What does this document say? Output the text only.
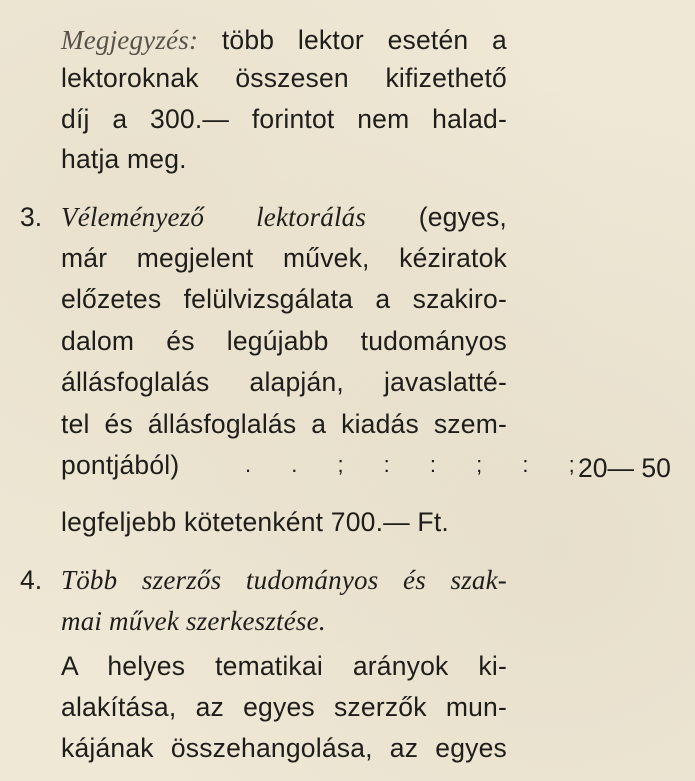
Megjegyzés: több lektor esetén a
lektoroknak összesen kifizethető
díj a 300.— forintot nem halad-
hatja meg.
3. Véleményező lektorálás (egyes,
már megjelent művek, kéziratok
előzetes felülvizsgálata a szakiro-
dalom és legújabb tudományos
állásfoglalás alapján, javaslatté-
tel és állásfoglalás a kiadás szem-
pontjából)	. . ; : : ; : ;
20— 50
legfeljebb kötetenként 700.— Ft.
4. Több szerzős tudományos és szak-
mai művek szerkesztése.
A helyes tematikai arányok ki-
alakítása, az egyes szerzők mun-
kájának összehangolása, az egyes
